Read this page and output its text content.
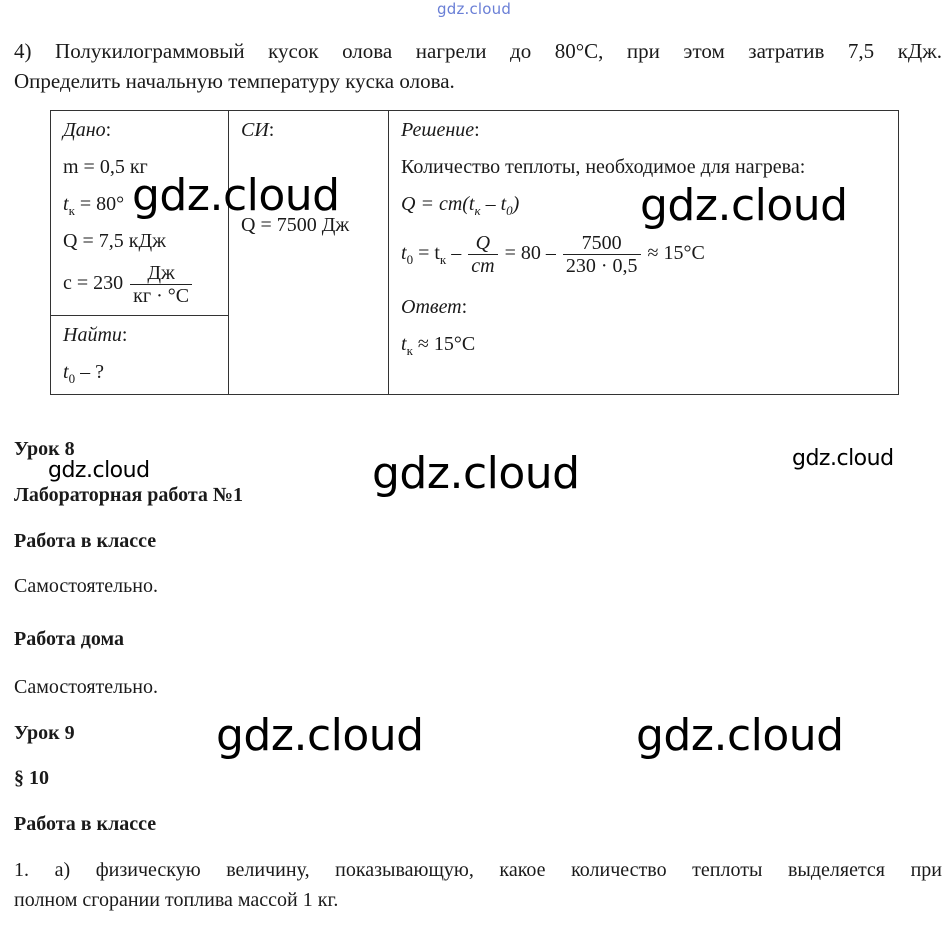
gdz.cloud
4) Полукилограммовый кусок олова нагрели до 80°С, при этом затратив 7,5 кДж.
Определить начальную температуру куска олова.
Дано:
m = 0,5 кг
$t_к = 80^\circ$
Q = 7,5 кДж
$c = 230 \frac{Дж}{кг \cdot ^\circ С}$

СИ:
Q = 7500 Дж

Решение:
Количество теплоты, необходимое для нагрева:
$Q = cm(t_к - t_0)$
$t_0 = t_к - \frac{Q}{cm} = 80 - \frac{7500}{230 \cdot 0,5} \approx 15^\circ С$
Ответ:
$t_к \approx 15^\circ С$

Найти:
$t_0$ – ?
gdz.cloud	gdz.cloud
Урок 8
gdz.cloud	gdz.cloud	gdz.cloud
Лабораторная работа №1
Работа в классе
Самостоятельно.
Работа дома
Самостоятельно.
Урок 9	gdz.cloud	gdz.cloud
§ 10
Работа в классе
1. а) физическую величину, показывающую, какое количество теплоты выделяется при
полном сгорании топлива массой 1 кг.
